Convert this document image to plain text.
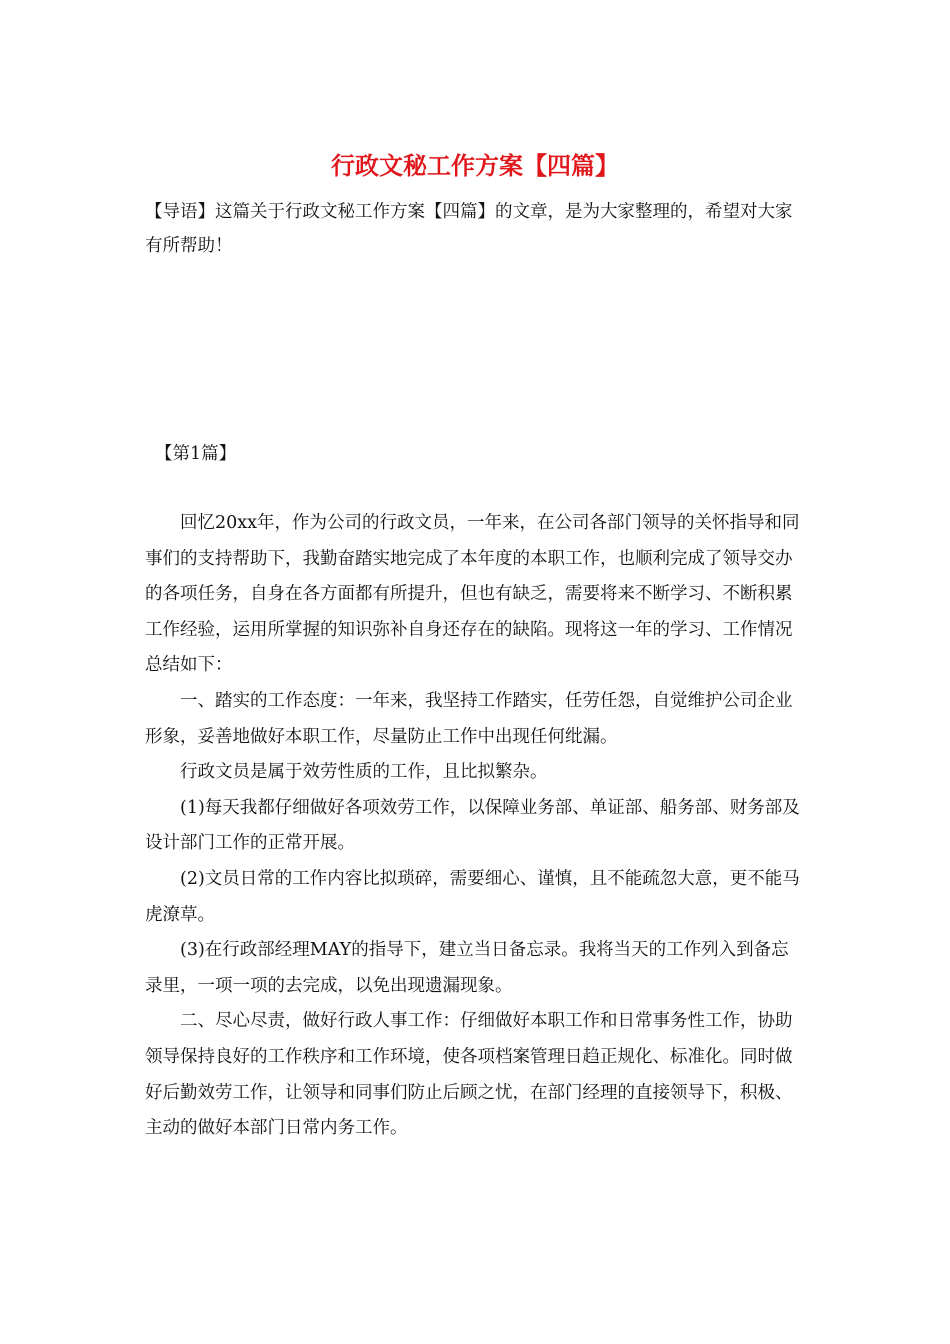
行政文秘工作方案【四篇】

【导语】这篇关于行政文秘工作方案【四篇】的文章，是为大家整理的，希望对大家有所帮助！

【第1篇】

回忆20xx年，作为公司的行政文员，一年来，在公司各部门领导的关怀指导和同事们的支持帮助下，我勤奋踏实地完成了本年度的本职工作，也顺利完成了领导交办的各项任务，自身在各方面都有所提升，但也有缺乏，需要将来不断学习、不断积累工作经验，运用所掌握的知识弥补自身还存在的缺陷。现将这一年的学习、工作情况总结如下：

一、踏实的工作态度：一年来，我坚持工作踏实，任劳任怨，自觉维护公司企业形象，妥善地做好本职工作，尽量防止工作中出现任何纰漏。

行政文员是属于效劳性质的工作，且比拟繁杂。

(1)每天我都仔细做好各项效劳工作，以保障业务部、单证部、船务部、财务部及设计部门工作的正常开展。

(2)文员日常的工作内容比拟琐碎，需要细心、谨慎，且不能疏忽大意，更不能马虎潦草。

(3)在行政部经理MAY的指导下，建立当日备忘录。我将当天的工作列入到备忘录里，一项一项的去完成，以免出现遗漏现象。

二、尽心尽责，做好行政人事工作：仔细做好本职工作和日常事务性工作，协助领导保持良好的工作秩序和工作环境，使各项档案管理日趋正规化、标准化。同时做好后勤效劳工作，让领导和同事们防止后顾之忧，在部门经理的直接领导下，积极、主动的做好本部门日常内务工作。
